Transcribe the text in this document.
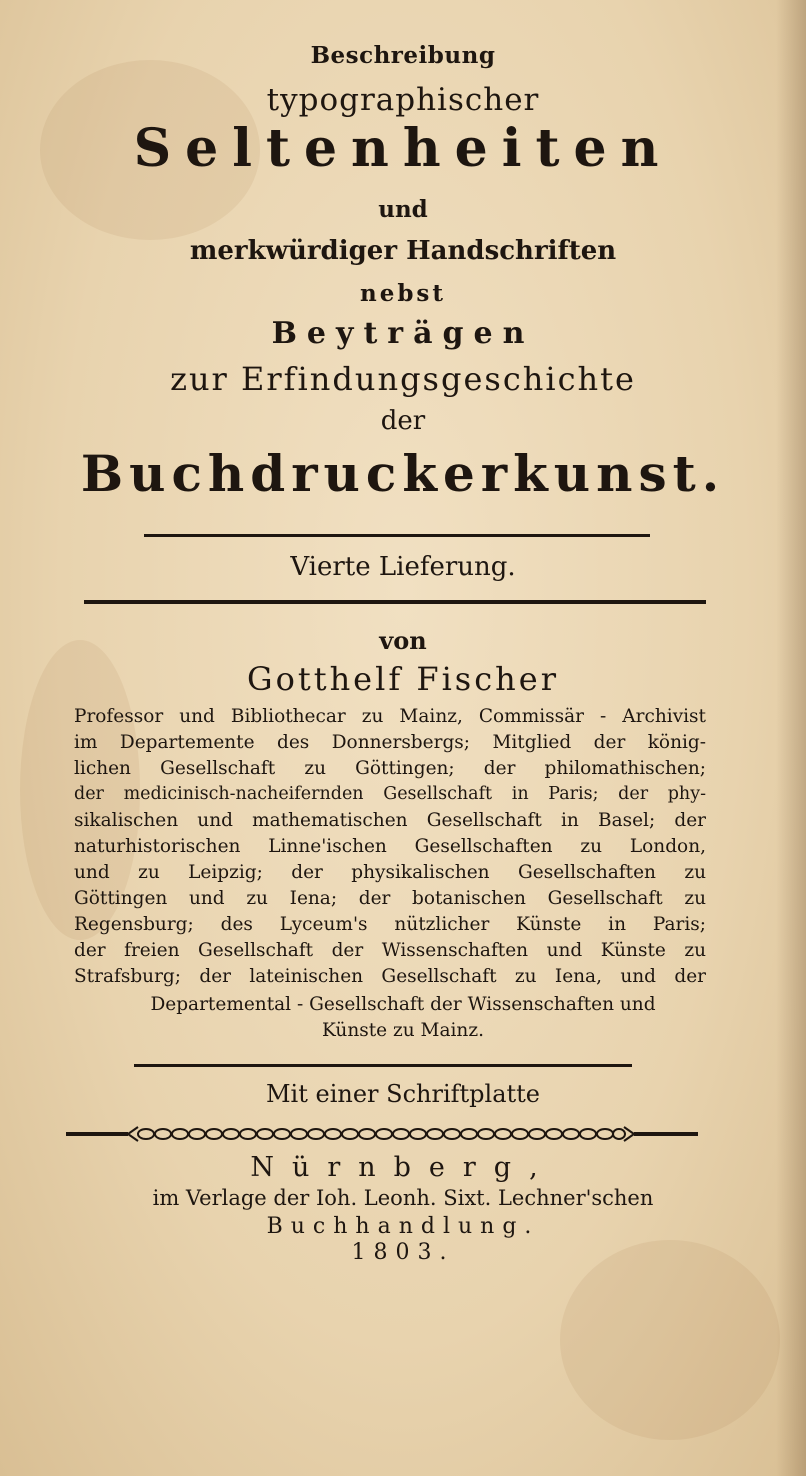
Beschreibung
typographischer
Seltenheiten
und
merkwürdiger Handschriften
nebst
Beyträgen
zur Erfindungsgeschichte
der
Buchdruckerkunst.
Vierte Lieferung.
von
Gotthelf Fischer
Professor und Bibliothecar zu Mainz, Commissär - Archivist
im Departemente des Donnersbergs; Mitglied der könig-
lichen Gesellschaft zu Göttingen; der philomathischen;
der medicinisch-nacheifernden Gesellschaft in Paris; der phy-
sikalischen und mathematischen Gesellschaft in Basel; der
naturhistorischen Linne'ischen Gesellschaften zu London,
und zu Leipzig; der physikalischen Gesellschaften zu
Göttingen und zu Iena; der botanischen Gesellschaft zu
Regensburg; des Lyceum's nützlicher Künste in Paris;
der freien Gesellschaft der Wissenschaften und Künste zu
Strafsburg; der lateinischen Gesellschaft zu Iena, und der
Departemental - Gesellschaft der Wissenschaften und
Künste zu Mainz.
Mit einer Schriftplatte
Nürnberg,
im Verlage der Ioh. Leonh. Sixt. Lechner'schen
Buchhandlung.
1803.
